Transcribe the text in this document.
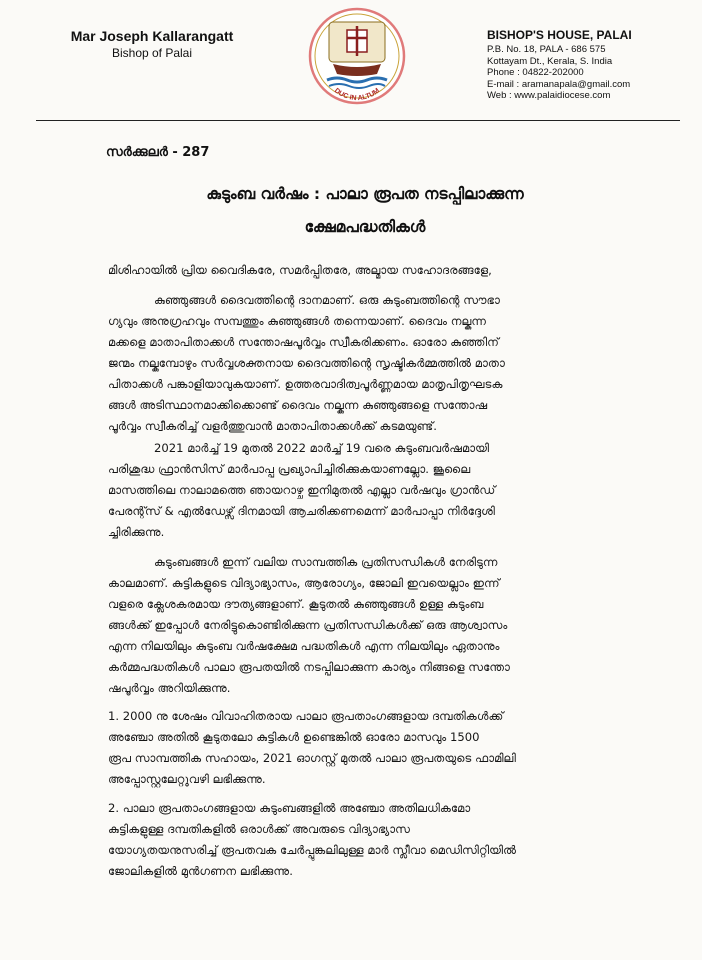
Mar Joseph Kallarangatt
Bishop of Palai
DUC IN ALTUM
BISHOP'S HOUSE, PALAI
P.B. No. 18, PALA - 686 575
Kottayam Dt., Kerala, S. India
Phone : 04822-202000
E-mail : aramanapala@gmail.com
Web : www.palaidiocese.com
സർക്കുലർ - 287
കുടുംബ വർഷം : പാലാ രൂപത നടപ്പിലാക്കുന്ന
ക്ഷേമപദ്ധതികൾ
മിശിഹായിൽ പ്രിയ വൈദികരേ, സമർപ്പിതരേ, അല്മായ സഹോദരങ്ങളേ,
കുഞ്ഞുങ്ങൾ ദൈവത്തിന്റെ ദാനമാണ്. ഒരു കുടുംബത്തിന്റെ സൗഭാ
ഗ്യവും അനുഗ്രഹവും സമ്പത്തും കുഞ്ഞുങ്ങൾ തന്നെയാണ്. ദൈവം നല്കുന്ന
മക്കളെ മാതാപിതാക്കൾ സന്തോഷപൂർവ്വം സ്വീകരിക്കണം. ഓരോ കുഞ്ഞിന്
ജന്മം നല്കുമ്പോഴും സർവ്വശക്തനായ ദൈവത്തിന്റെ സൃഷ്ടികർമ്മത്തിൽ മാതാ
പിതാക്കൾ പങ്കാളിയാവുകയാണ്. ഉത്തരവാദിത്വപൂർണ്ണമായ മാതൃപിതൃഘടക
ങ്ങൾ അടിസ്ഥാനമാക്കിക്കൊണ്ട് ദൈവം നല്കുന്ന കുഞ്ഞുങ്ങളെ സന്തോഷ
പൂർവ്വം സ്വീകരിച്ച് വളർത്തുവാൻ മാതാപിതാക്കൾക്ക് കടമയുണ്ട്.
2021 മാർച്ച് 19 മുതൽ 2022 മാർച്ച് 19 വരെ കുടുംബവർഷമായി
പരിശുദ്ധ ഫ്രാൻസിസ് മാർപാപ്പ പ്രഖ്യാപിച്ചിരിക്കുകയാണല്ലോ. ജൂലൈ
മാസത്തിലെ നാലാമത്തെ ഞായറാഴ്ച ഇനിമുതൽ എല്ലാ വർഷവും ഗ്രാൻഡ്
പേരന്റ്സ് & എൽഡേഴ്സ് ദിനമായി ആചരിക്കണമെന്ന് മാർപാപ്പാ നിർദ്ദേശി
ച്ചിരിക്കുന്നു.
കുടുംബങ്ങൾ ഇന്ന് വലിയ സാമ്പത്തിക പ്രതിസന്ധികൾ നേരിടുന്ന
കാലമാണ്. കുട്ടികളുടെ വിദ്യാഭ്യാസം, ആരോഗ്യം, ജോലി ഇവയെല്ലാം ഇന്ന്
വളരെ ക്ലേശകരമായ ദൗത്യങ്ങളാണ്. കൂടുതൽ കുഞ്ഞുങ്ങൾ ഉള്ള കുടുംബ
ങ്ങൾക്ക് ഇപ്പോൾ നേരിട്ടുകൊണ്ടിരിക്കുന്ന പ്രതിസന്ധികൾക്ക് ഒരു ആശ്വാസം
എന്ന നിലയിലും കുടുംബ വർഷക്ഷേമ പദ്ധതികൾ എന്ന നിലയിലും ഏതാനും
കർമ്മപദ്ധതികൾ പാലാ രൂപതയിൽ നടപ്പിലാക്കുന്ന കാര്യം നിങ്ങളെ സന്തോ
ഷപൂർവ്വം അറിയിക്കുന്നു.
1. 2000 നു ശേഷം വിവാഹിതരായ പാലാ രൂപതാംഗങ്ങളായ ദമ്പതികൾക്ക്
അഞ്ചോ അതിൽ കൂടുതലോ കുട്ടികൾ ഉണ്ടെങ്കിൽ ഓരോ മാസവും 1500
രൂപ സാമ്പത്തിക സഹായം, 2021 ഓഗസ്റ്റ് മുതൽ പാലാ രൂപതയുടെ ഫാമിലി
അപ്പോസ്റ്റലേറ്റുവഴി ലഭിക്കുന്നു.
2. പാലാ രൂപതാംഗങ്ങളായ കുടുംബങ്ങളിൽ അഞ്ചോ അതിലധികമോ
കുട്ടികളുള്ള ദമ്പതികളിൽ ഒരാൾക്ക് അവരുടെ വിദ്യാഭ്യാസ
യോഗ്യതയനുസരിച്ച് രൂപതവക ചേർപ്പുങ്കലിലുള്ള മാർ സ്ലീവാ മെഡിസിറ്റിയിൽ
ജോലികളിൽ മുൻഗണന ലഭിക്കുന്നു.
